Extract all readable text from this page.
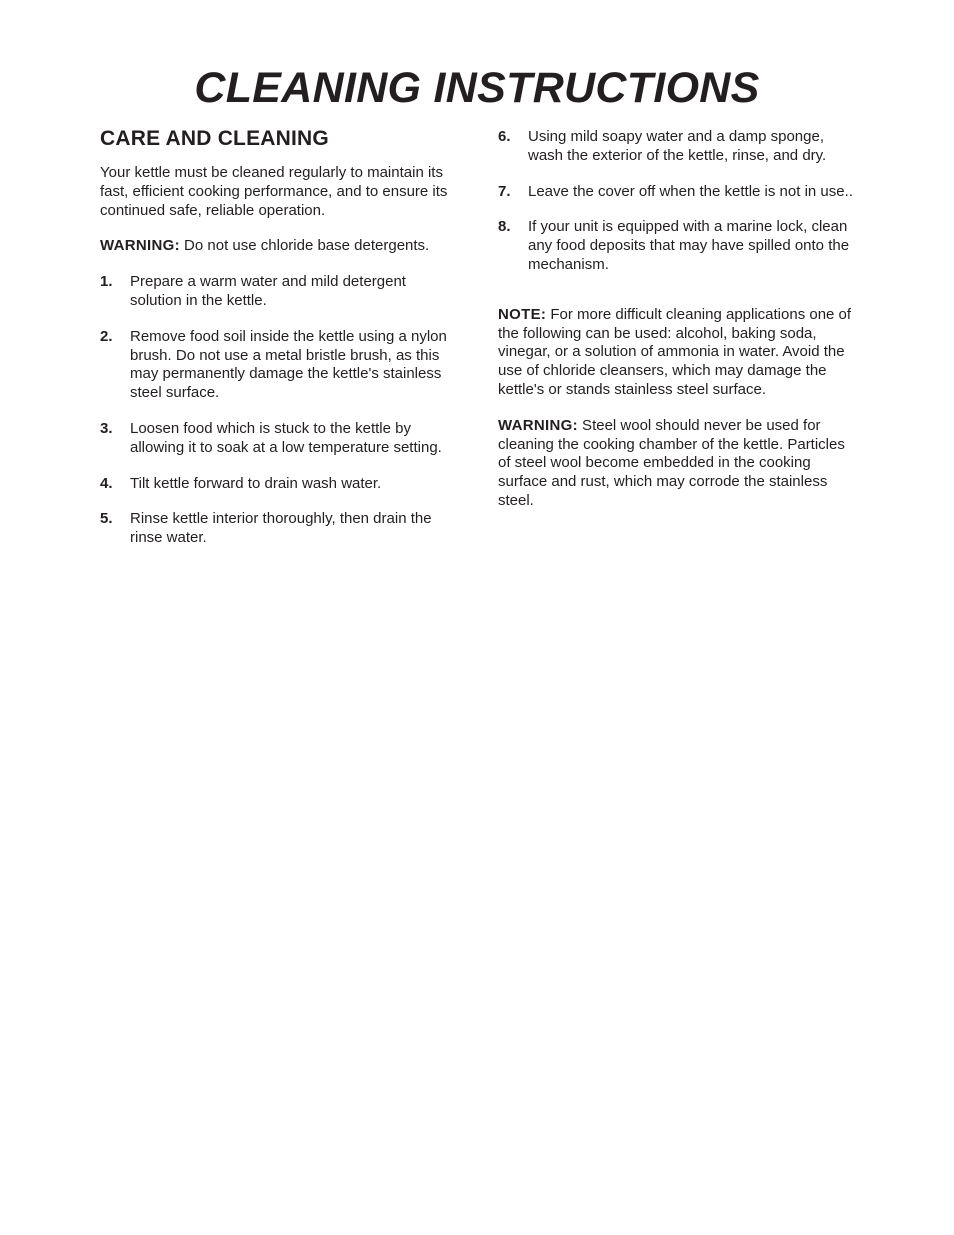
CLEANING INSTRUCTIONS
CARE AND CLEANING

Your kettle must be cleaned regularly to maintain its fast, efficient cooking performance, and to ensure its continued safe, reliable operation.

WARNING: Do not use chloride base detergents.

1. Prepare a warm water and mild detergent solution in the kettle.
2. Remove food soil inside the kettle using a nylon brush. Do not use a metal bristle brush, as this may permanently damage the kettle's stainless steel surface.
3. Loosen food which is stuck to the kettle by allowing it to soak at a low temperature setting.
4. Tilt kettle forward to drain wash water.
5. Rinse kettle interior thoroughly, then drain the rinse water.
6. Using mild soapy water and a damp sponge, wash the exterior of the kettle, rinse, and dry.
7. Leave the cover off when the kettle is not in use..
8. If your unit is equipped with a marine lock, clean any food deposits that may have spilled onto the mechanism.

NOTE: For more difficult cleaning applications one of the following can be used: alcohol, baking soda, vinegar, or a solution of ammonia in water. Avoid the use of chloride cleansers, which may damage the kettle's or stands stainless steel surface.

WARNING: Steel wool should never be used for cleaning the cooking chamber of the kettle. Particles of steel wool become embedded in the cooking surface and rust, which may corrode the stainless steel.
